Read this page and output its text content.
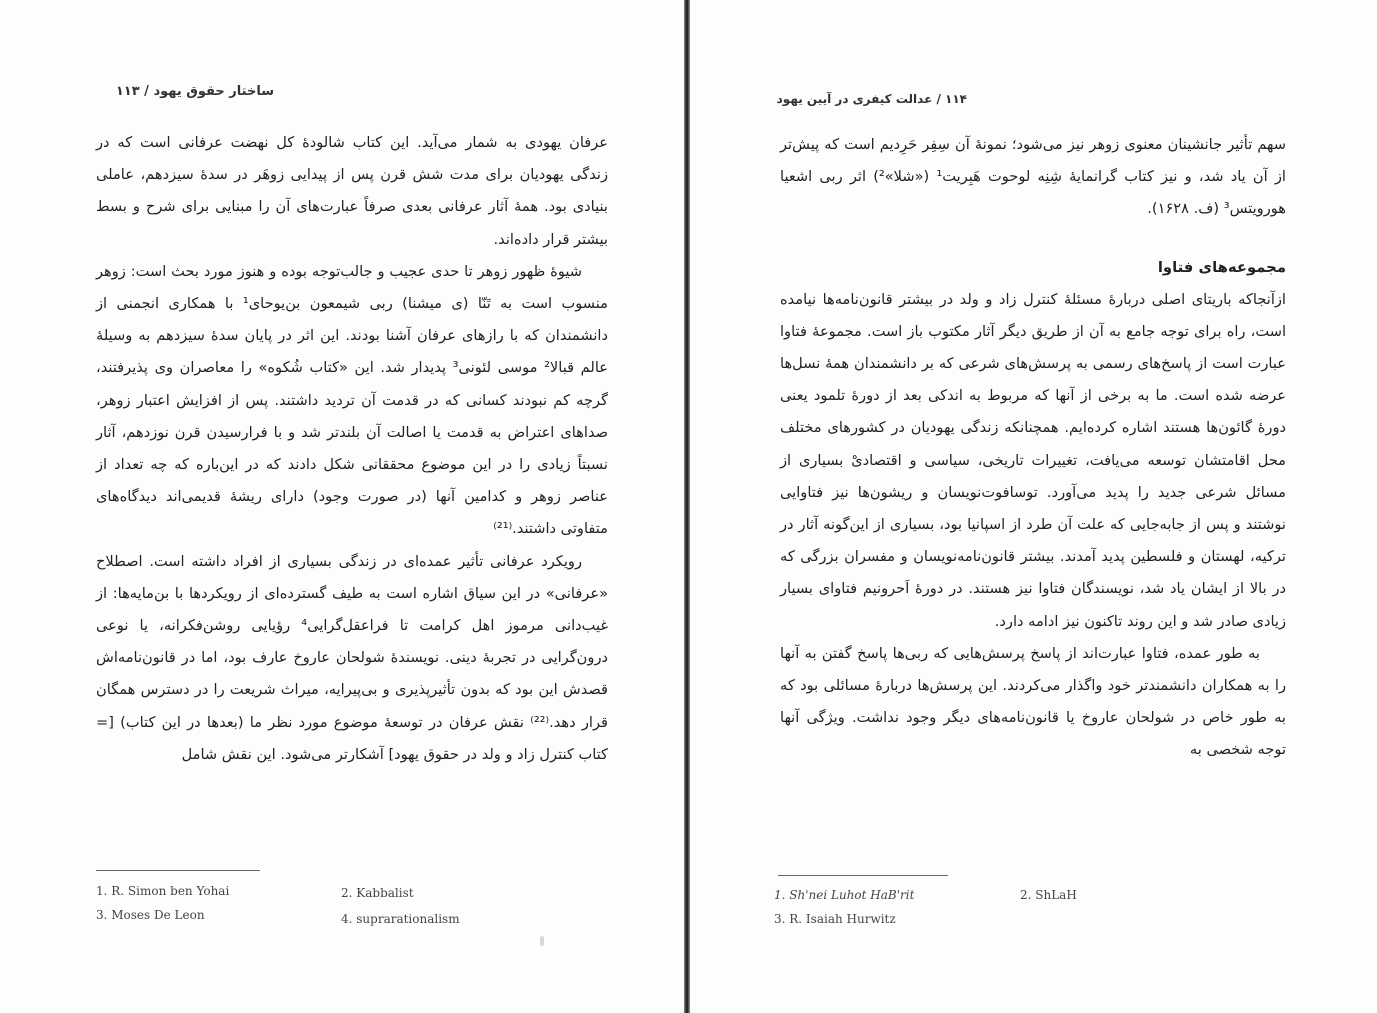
ساختار حقوق یهود / ۱۱۳

عرفان یهودی به شمار می‌آید. این کتاب شالودهٔ کل نهضت عرفانی است که در زندگی یهودیان برای مدت شش قرن پس از پیدایی زوهَر در سدهٔ سیزدهم، عاملی بنیادی بود. همهٔ آثار عرفانی بعدی صرفاً عبارت‌های آن را مبنایی برای شرح و بسط بیشتر قرار داده‌اند.

شیوهٔ ظهور زوهر تا حدی عجیب و جالب‌توجه بوده و هنوز مورد بحث است: زوهر منسوب است به تَنّا (ی میشنا) ربی شیمعون بن‌یوحای¹ با همکاری انجمنی از دانشمندان که با رازهای عرفان آشنا بودند. این اثر در پایان سدهٔ سیزدهم به وسیلهٔ عالم قبالا² موسی لئونی³ پدیدار شد. این «کتاب شُکوه» را معاصران وی پذیرفتند، گرچه کم نبودند کسانی که در قدمت آن تردید داشتند. پس از افزایش اعتبار زوهر، صداهای اعتراض به قدمت یا اصالت آن بلندتر شد و با فرارسیدن قرن نوزدهم، آثار نسبتاً زیادی را در این موضوع محققانی شکل دادند که در این‌باره که چه تعداد از عناصر زوهر و کدامین آنها (در صورت وجود) دارای ریشهٔ قدیمی‌اند دیدگاه‌های متفاوتی داشتند.⁽²¹⁾

رویکرد عرفانی تأثیر عمده‌ای در زندگی بسیاری از افراد داشته است. اصطلاح «عرفانی» در این سیاق اشاره است به طیف گسترده‌ای از رویکردها با بن‌مایه‌ها: از غیب‌دانی مرموز اهل کرامت تا فراعقل‌گرایی⁴ رؤیایی روشن‌فکرانه، یا نوعی درون‌گرایی در تجربهٔ دینی. نویسندهٔ شولحان عاروخ عارف بود، اما در قانون‌نامه‌اش قصدش این بود که بدون تأثیرپذیری و بی‌پیرایه، میراث شریعت را در دسترس همگان قرار دهد.⁽²²⁾ نقش عرفان در توسعهٔ موضوع مورد نظر ما (بعدها در این کتاب) [= کتاب کنترل زاد و ولد در حقوق یهود] آشکارتر می‌شود. این نقش شامل

1. R. Simon ben Yohai	2. Kabbalist
3. Moses De Leon	4. suprarationalism
۱۱۴ / عدالت کیفری در آیین یهود

سهم تأثیر جانشینان معنوی زوهر نیز می‌شود؛ نمونهٔ آن سِفِر حَرِدیم است که پیش‌تر از آن یاد شد، و نیز کتاب گرانمایهٔ شِنِه لوحوت هَبِریت¹ («شلا»²) اثر ربی اشعیا هورویتس³ (ف. ۱۶۲۸).

مجموعه‌های فتاوا

ازآنجاکه باریتای اصلی دربارهٔ مسئلهٔ کنترل زاد و ولد در بیشتر قانون‌نامه‌ها نیامده است، راه برای توجه جامع به آن از طریق دیگر آثار مکتوب باز است. مجموعهٔ فتاوا عبارت است از پاسخ‌های رسمی به پرسش‌های شرعی که بر دانشمندان همهٔ نسل‌ها عرضه شده است. ما به برخی از آنها که مربوط به اندکی بعد از دورهٔ تلمود یعنی دورهٔ گائون‌ها هستند اشاره کرده‌ایم. همچنانکه زندگی یهودیان در کشورهای مختلف محل اقامتشان توسعه می‌یافت، تغییرات تاریخی، سیاسی و اقتصادیْ بسیاری از مسائل شرعی جدید را پدید می‌آورد. توسافوت‌نویسان و ریشون‌ها نیز فتاوایی نوشتند و پس از جابه‌جایی که علت آن طرد از اسپانیا بود، بسیاری از این‌گونه آثار در ترکیه، لهستان و فلسطین پدید آمدند. بیشتر قانون‌نامه‌نویسان و مفسران بزرگی که در بالا از ایشان یاد شد، نویسندگان فتاوا نیز هستند. در دورهٔ اَحرونیم فتاوای بسیار زیادی صادر شد و این روند تاکنون نیز ادامه دارد.

به طور عمده، فتاوا عبارت‌اند از پاسخ پرسش‌هایی که ربی‌ها پاسخ گفتن به آنها را به همکاران دانشمندتر خود واگذار می‌کردند. این پرسش‌ها دربارهٔ مسائلی بود که به طور خاص در شولحان عاروخ یا قانون‌نامه‌های دیگر وجود نداشت. ویژگی آنها توجه شخصی به

1. Sh'nei Luhot HaB'rit	2. ShLaH
3. R. Isaiah Hurwitz
